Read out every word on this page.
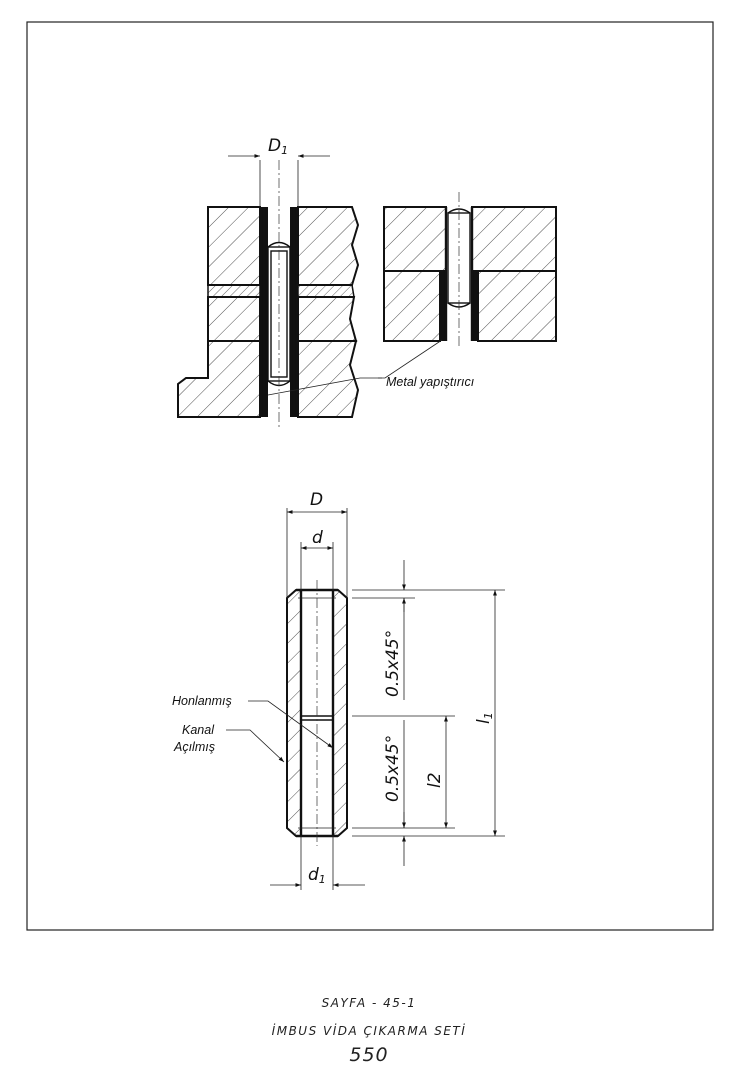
D1
Metal yapıştırıcı
D
d
d1
0.5x45°
0.5x45° l2
l1
Honlanmış
Kanal
Açılmış
SAYFA - 45-1
İMBUS VİDA ÇIKARMA SETİ
550
